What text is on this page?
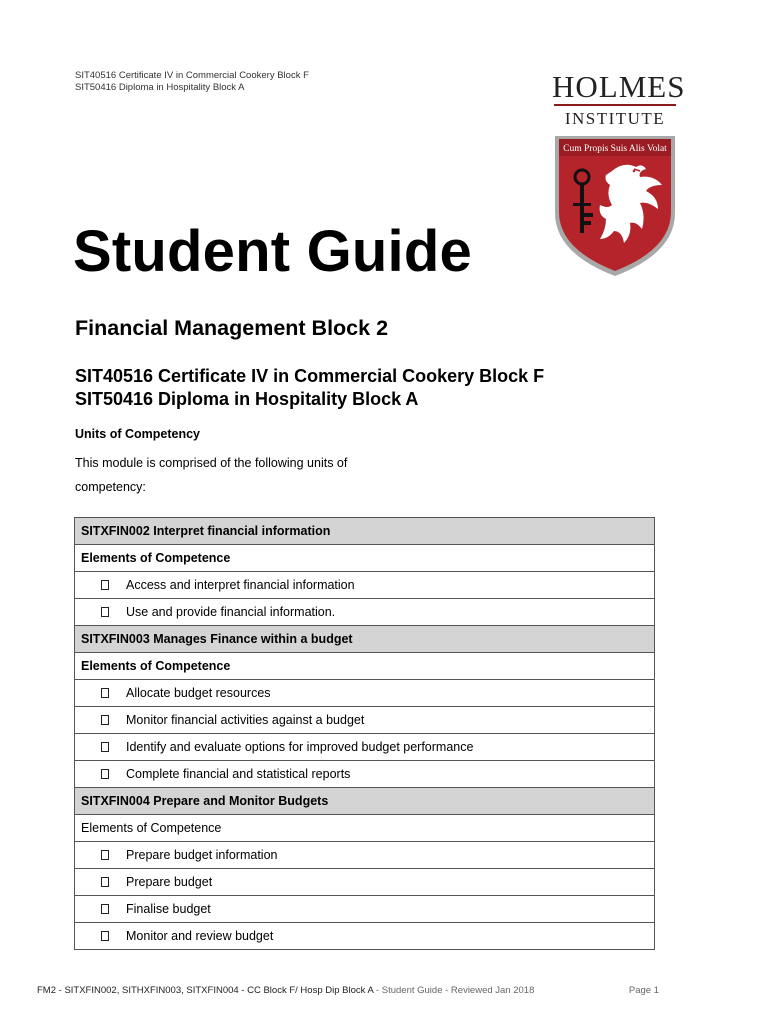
SIT40516 Certificate IV in Commercial Cookery Block F
SIT50416 Diploma in Hospitality Block A	HOLMES
INSTITUTE
Cum Propis Suis Alis Volat
Student Guide
Financial Management Block 2
SIT40516 Certificate IV in Commercial Cookery Block F
SIT50416 Diploma in Hospitality Block A
Units of Competency
This module is comprised of the following units of competency:
SITXFIN002 Interpret financial information
Elements of Competence
Access and interpret financial information
Use and provide financial information.
SITXFIN003 Manages Finance within a budget
Elements of Competence
Allocate budget resources
Monitor financial activities against a budget
Identify and evaluate options for improved budget performance
Complete financial and statistical reports
SITXFIN004 Prepare and Monitor Budgets
Elements of Competence
Prepare budget information
Prepare budget
Finalise budget
Monitor and review budget
FM2 - SITXFIN002, SITHXFIN003, SITXFIN004 - CC Block F/ Hosp Dip Block A - Student Guide - Reviewed Jan 2018	Page 1
